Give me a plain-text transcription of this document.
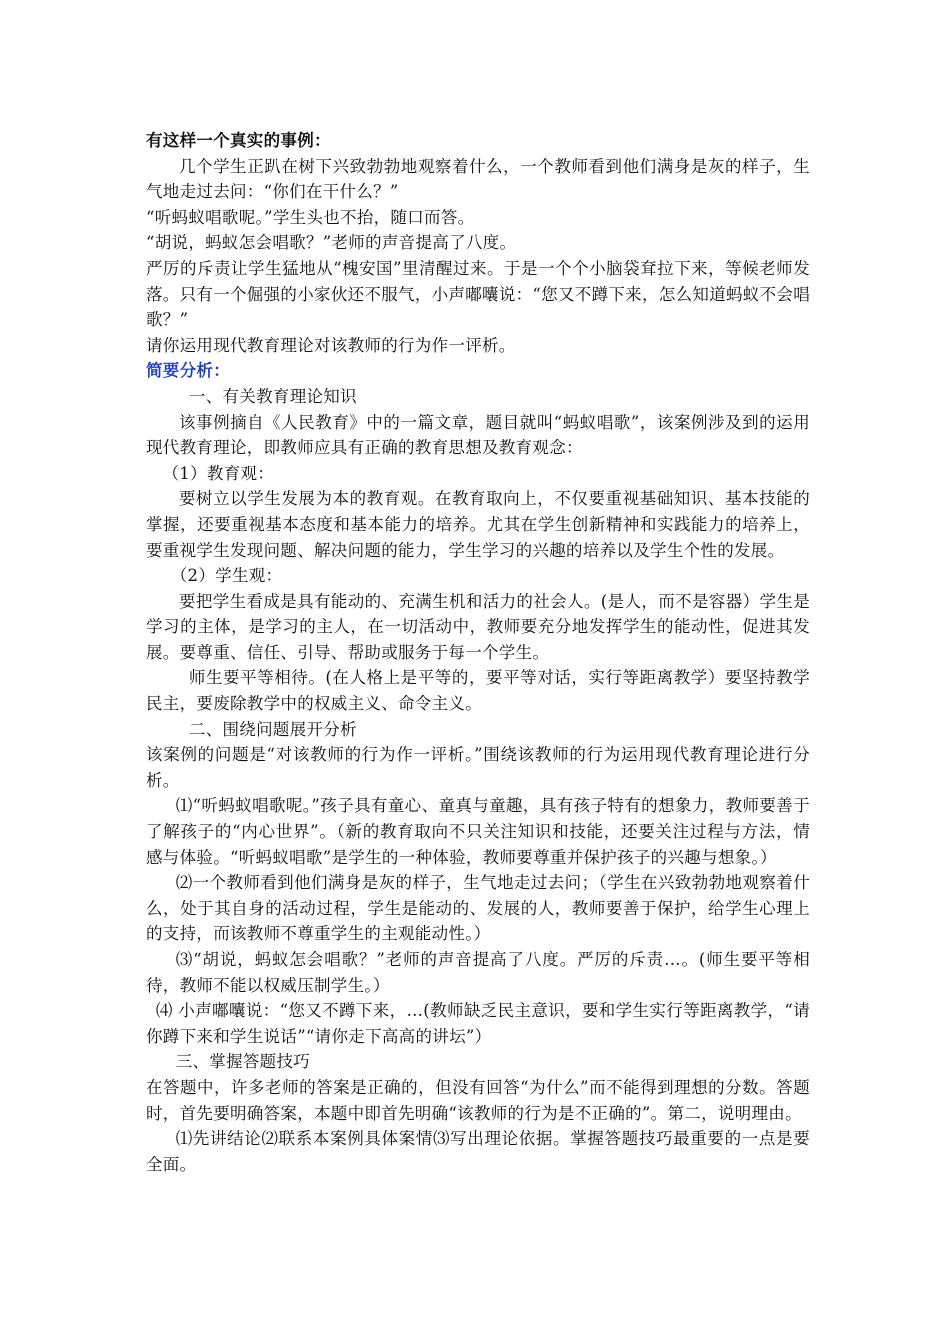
有这样一个真实的事例：

几个学生正趴在树下兴致勃勃地观察着什么，一个教师看到他们满身是灰的样子，生气地走过去问：“你们在干什么？”

“听蚂蚁唱歌呢。”学生头也不抬，随口而答。

“胡说，蚂蚁怎会唱歌？”老师的声音提高了八度。

严厉的斥责让学生猛地从“槐安国”里清醒过来。于是一个个小脑袋耷拉下来，等候老师发落。只有一个倔强的小家伙还不服气，小声嘟囔说：“您又不蹲下来，怎么知道蚂蚁不会唱歌？”

请你运用现代教育理论对该教师的行为作一评析。

简要分析：

一、有关教育理论知识

该事例摘自《人民教育》中的一篇文章，题目就叫“蚂蚁唱歌”，该案例涉及到的运用现代教育理论，即教师应具有正确的教育思想及教育观念：

（1）教育观：

要树立以学生发展为本的教育观。在教育取向上，不仅要重视基础知识、基本技能的掌握，还要重视基本态度和基本能力的培养。尤其在学生创新精神和实践能力的培养上，要重视学生发现问题、解决问题的能力，学生学习的兴趣的培养以及学生个性的发展。

（2）学生观：

要把学生看成是具有能动的、充满生机和活力的社会人。(是人，而不是容器）学生是学习的主体，是学习的主人，在一切活动中，教师要充分地发挥学生的能动性，促进其发展。要尊重、信任、引导、帮助或服务于每一个学生。

师生要平等相待。(在人格上是平等的，要平等对话，实行等距离教学）要坚持教学民主，要废除教学中的权威主义、命令主义。

二、围绕问题展开分析

该案例的问题是“对该教师的行为作一评析。”围绕该教师的行为运用现代教育理论进行分析。

⑴“听蚂蚁唱歌呢。”孩子具有童心、童真与童趣，具有孩子特有的想象力，教师要善于了解孩子的“内心世界”。（新的教育取向不只关注知识和技能，还要关注过程与方法，情感与体验。“听蚂蚁唱歌”是学生的一种体验，教师要尊重并保护孩子的兴趣与想象。）

⑵一个教师看到他们满身是灰的样子，生气地走过去问；（学生在兴致勃勃地观察着什么，处于其自身的活动过程，学生是能动的、发展的人，教师要善于保护，给学生心理上的支持，而该教师不尊重学生的主观能动性。）

⑶“胡说，蚂蚁怎会唱歌？”老师的声音提高了八度。严厉的斥责…。(师生要平等相待，教师不能以权威压制学生。）

⑷ 小声嘟囔说：“您又不蹲下来，…(教师缺乏民主意识，要和学生实行等距离教学，“请你蹲下来和学生说话”“请你走下高高的讲坛”）

三、掌握答题技巧

在答题中，许多老师的答案是正确的，但没有回答“为什么”而不能得到理想的分数。答题时，首先要明确答案，本题中即首先明确“该教师的行为是不正确的”。第二，说明理由。

⑴先讲结论⑵联系本案例具体案情⑶写出理论依据。掌握答题技巧最重要的一点是要全面。
